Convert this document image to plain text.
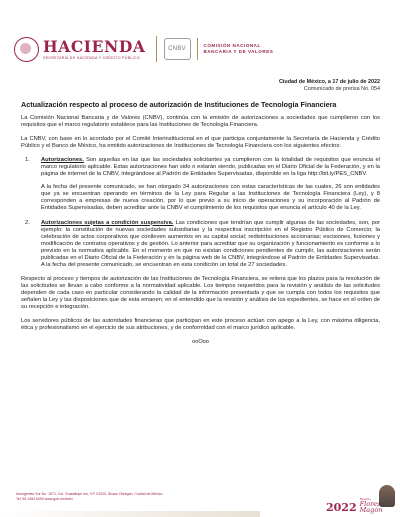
HACIENDA
SECRETARÍA DE HACIENDA Y CRÉDITO PÚBLICO
CNBV
COMISIÓN NACIONAL
BANCARIA Y DE VALORES
Ciudad de México, a 17 de julio de 2022
Comunicado de prensa No. 054
Actualización respecto al proceso de autorización de Instituciones de Tecnología Financiera

La Comisión Nacional Bancaria y de Valores (CNBV), continúa con la emisión de autorizaciones a sociedades que cumplieron con los requisitos que el marco regulatorio establece para las Instituciones de Tecnología Financiera.

La CNBV, con base en lo acordado por el Comité Interinstitucional en el que participa conjuntamente la Secretaría de Hacienda y Crédito Público y el Banco de México, ha emitido autorizaciones de Instituciones de Tecnología Financiera con los siguientes efectos:

1.	Autorizaciones. Son aquellas en las que las sociedades solicitantes ya cumplieron con la totalidad de requisitos que enuncia el marco regulatorio aplicable. Estas autorizaciones han sido o estarán siendo, publicadas en el Diario Oficial de la Federación, y en la página de internet de la CNBV, integrándose al Padrón de Entidades Supervisadas, disponible en la liga http://bit.ly/PES_CNBV.

A la fecha del presente comunicado, se han otorgado 34 autorizaciones con estas características de las cuales, 26 son entidades que ya se encuentran operando en términos de la Ley para Regular a las Instituciones de Tecnología Financiera (Ley), y 8 corresponden a empresas de nueva creación, por lo que previo a su inicio de operaciones y su incorporación al Padrón de Entidades Supervisadas, deben acreditar ante la CNBV el cumplimiento de los requisitos que enuncia el artículo 40 de la Ley.

2.	Autorizaciones sujetas a condición suspensiva. Las condiciones que tendrían que cumplir algunas de las sociedades, son, por ejemplo: la constitución de nuevas sociedades subsidiarias y la respectiva inscripción en el Registro Público de Comercio; la celebración de actos corporativos que conlleven aumentos en su capital social; redistribuciones accionarias; escisiones, fusiones y modificación de contratos operativos y de gestión. Lo anterior para acreditar que su organización y funcionamiento es conforme a lo previsto en la normativa aplicable. En el momento en que no existan condiciones pendientes de cumplir, las autorizaciones serán publicadas en el Diario Oficial de la Federación y en la página web de la CNBV, integrándose al Padrón de Entidades Supervisadas. A la fecha del presente comunicado, se encuentran en esta condición un total de 27 sociedades.

Respecto al proceso y tiempos de autorización de las Instituciones de Tecnología Financiera, se reitera que los plazos para la resolución de las solicitudes se llevan a cabo conforme a la normatividad aplicable. Los tiempos requeridos para la revisión y análisis de las solicitudes dependen de cada caso en particular considerando la calidad de la información presentada y que se cumpla con todos los requisitos que señalen la Ley y las disposiciones que de esta emanen; en el entendido que la revisión y análisis de los expedientes, se hace en el orden de su recepción e integración.

Los servidores públicos de las autoridades financieras que participan en este proceso actúan con apego a la Ley, con máxima diligencia, ética y profesionalismo en el ejercicio de sus atribuciones, y de conformidad con el marco jurídico aplicable.

ooOoo
Insurgentes Sur No. 1971, Col. Guadalupe Inn, CP. 01020, Álvaro Obregón, Ciudad de México.
Tel. 55 1454 6000 www.gob.mx/cnbv
2022
Ricardo
Flores
Magón
